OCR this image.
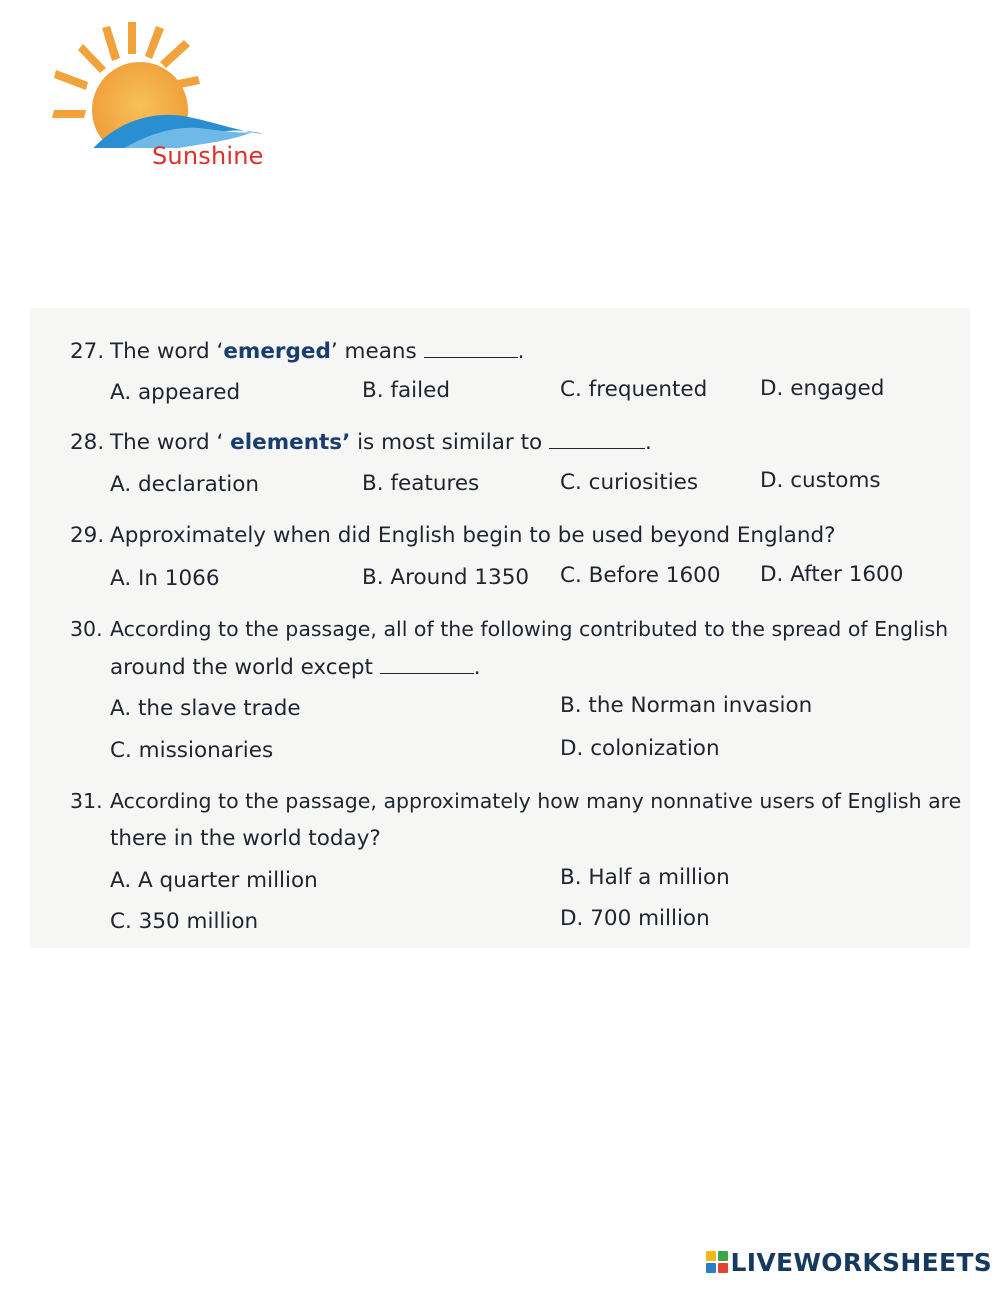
Sunshine
27. The word ‘emerged’ means	.
A. appeared	B. failed	C. frequented D. engaged
28. The word ‘ elements’ is most similar to	.
A. declaration	B. features	C. curiosities	D. customs
29. Approximately when did English begin to be used beyond England?
A. In 1066	B. Around 1350 C. Before 1600 D. After 1600
30. According to the passage, all of the following contributed to the spread of English
around the world except	.
A. the slave trade	B. the Norman invasion
C. missionaries	D. colonization
31. According to the passage, approximately how many nonnative users of English are
there in the world today?
A. A quarter million	B. Half a million
C. 350 million	D. 700 million
LIVEWORKSHEETS
